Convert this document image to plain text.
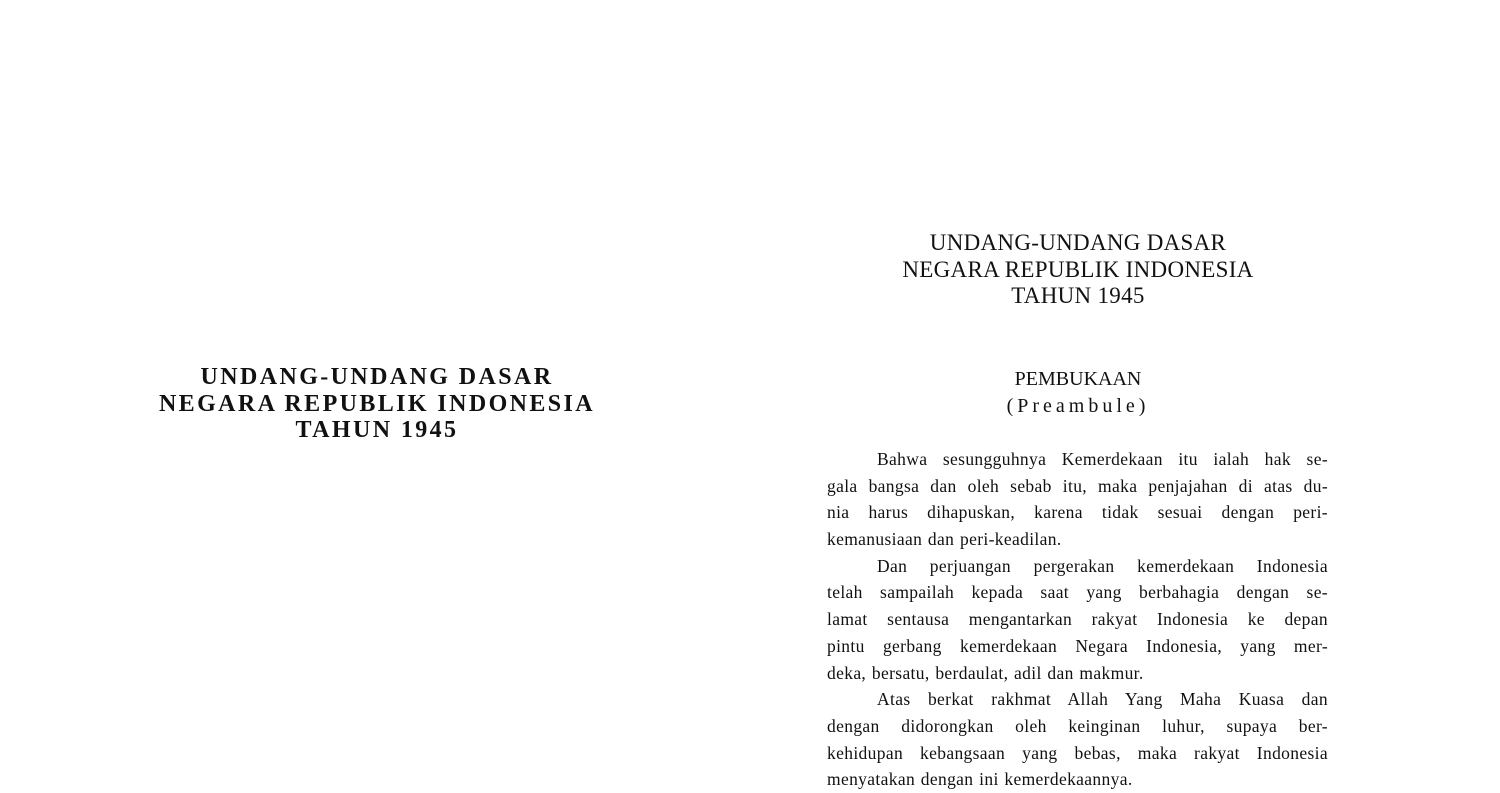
UNDANG-UNDANG DASAR
NEGARA REPUBLIK INDONESIA
TAHUN 1945
UNDANG-UNDANG DASAR
NEGARA REPUBLIK INDONESIA
TAHUN 1945
PEMBUKAAN
(Preambule)
Bahwa sesungguhnya Kemerdekaan itu ialah hak se-
gala bangsa dan oleh sebab itu, maka penjajahan di atas du-
nia harus dihapuskan, karena tidak sesuai dengan peri-
kemanusiaan dan peri-keadilan.
Dan perjuangan pergerakan kemerdekaan Indonesia
telah sampailah kepada saat yang berbahagia dengan se-
lamat sentausa mengantarkan rakyat Indonesia ke depan
pintu gerbang kemerdekaan Negara Indonesia, yang mer-
deka, bersatu, berdaulat, adil dan makmur.
Atas berkat rakhmat Allah Yang Maha Kuasa dan
dengan didorongkan oleh keinginan luhur, supaya ber-
kehidupan kebangsaan yang bebas, maka rakyat Indonesia
menyatakan dengan ini kemerdekaannya.
